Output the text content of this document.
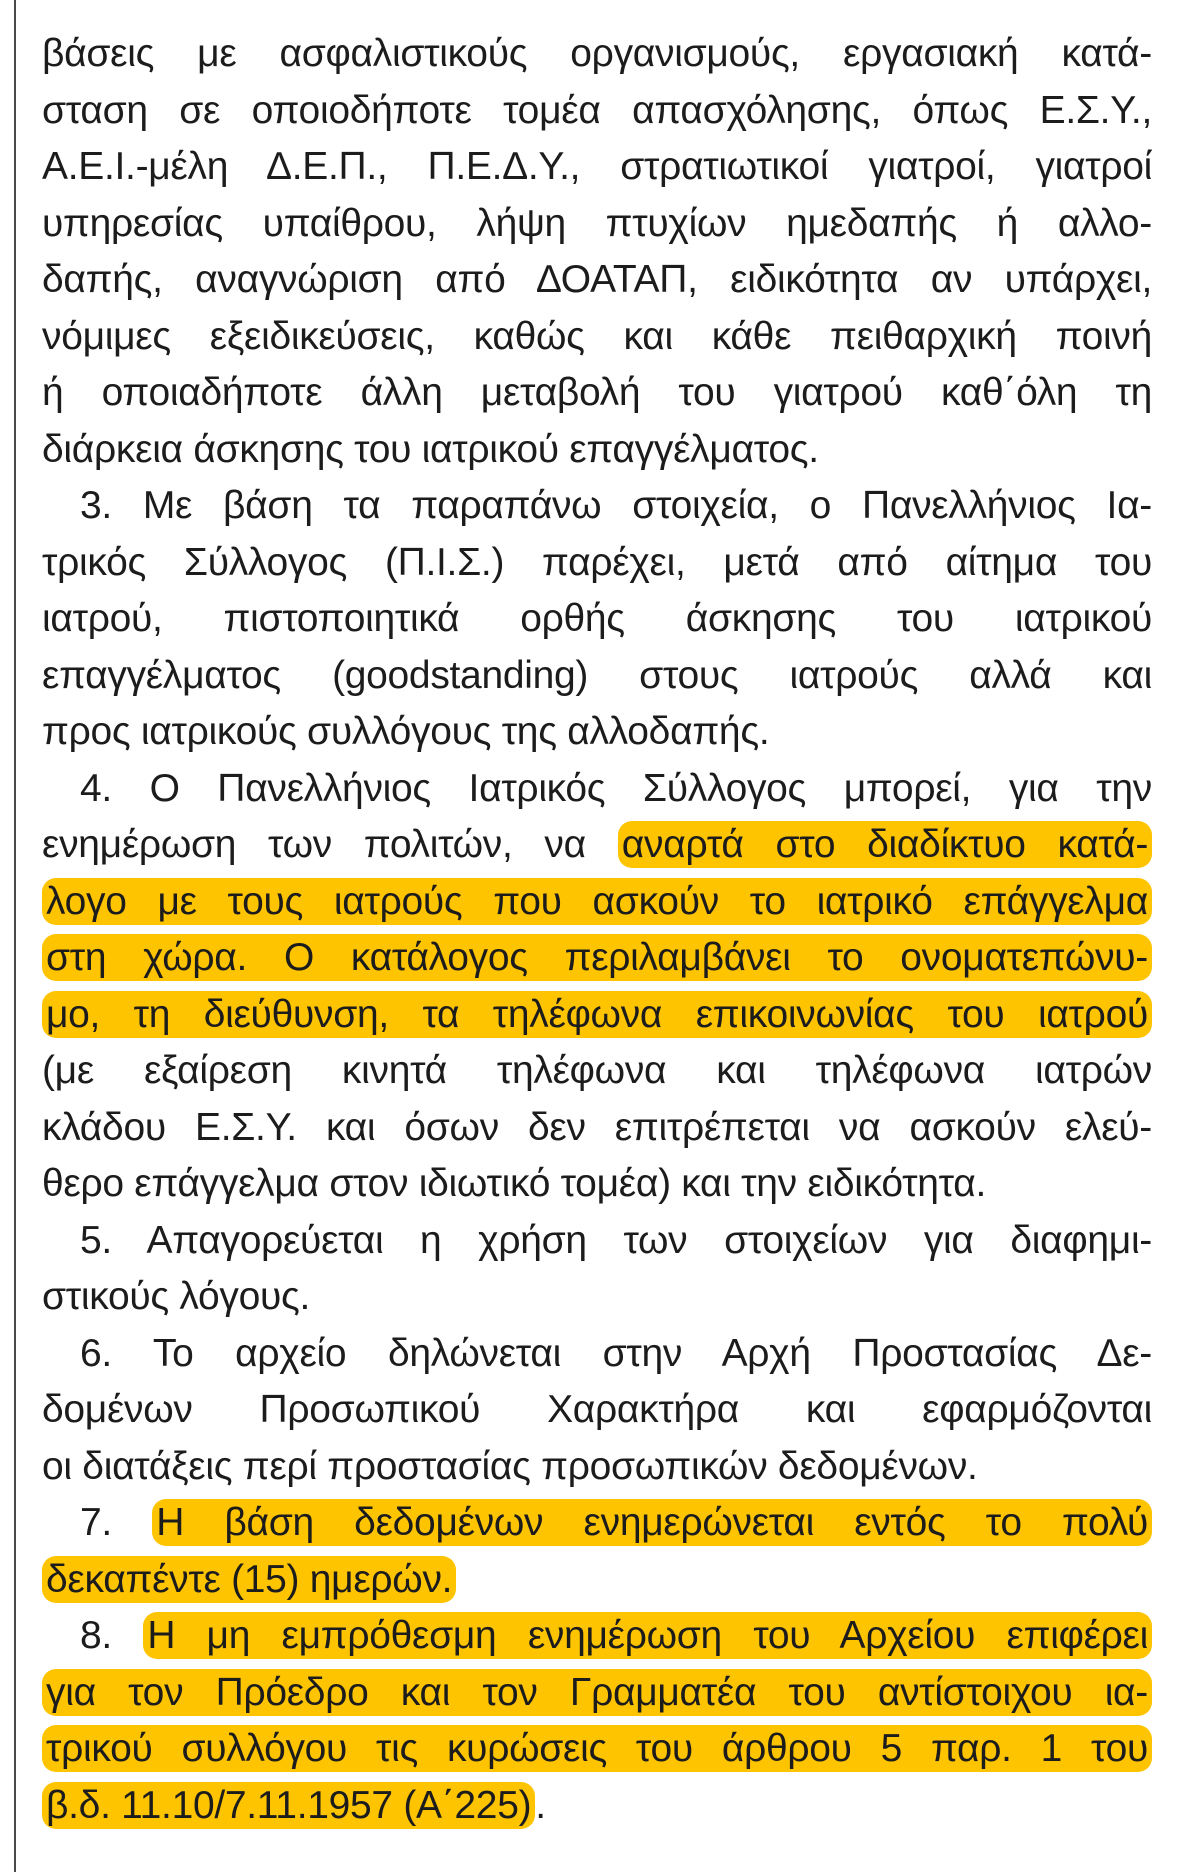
βάσεις με ασφαλιστικούς οργανισμούς, εργασιακή κατά-
σταση σε οποιοδήποτε τομέα απασχόλησης, όπως Ε.Σ.Υ.,
Α.Ε.Ι.-μέλη Δ.Ε.Π., Π.Ε.Δ.Υ., στρατιωτικοί γιατροί, γιατροί
υπηρεσίας υπαίθρου, λήψη πτυχίων ημεδαπής ή αλλο-
δαπής, αναγνώριση από ΔΟΑΤΑΠ, ειδικότητα αν υπάρχει,
νόμιμες εξειδικεύσεις, καθώς και κάθε πειθαρχική ποινή
ή οποιαδήποτε άλλη μεταβολή του γιατρού καθ΄όλη τη
διάρκεια άσκησης του ιατρικού επαγγέλματος.
3. Με βάση τα παραπάνω στοιχεία, ο Πανελλήνιος Ια-
τρικός Σύλλογος (Π.Ι.Σ.) παρέχει, μετά από αίτημα του
ιατρού, πιστοποιητικά ορθής άσκησης του ιατρικού
επαγγέλματος (goodstanding) στους ιατρούς αλλά και
προς ιατρικούς συλλόγους της αλλοδαπής.
4. Ο Πανελλήνιος Ιατρικός Σύλλογος μπορεί, για την
ενημέρωση των πολιτών, να αναρτά στο διαδίκτυο κατά-
λογο με τους ιατρούς που ασκούν το ιατρικό επάγγελμα
στη χώρα. Ο κατάλογος περιλαμβάνει το ονοματεπώνυ-
μο, τη διεύθυνση, τα τηλέφωνα επικοινωνίας του ιατρού
(με εξαίρεση κινητά τηλέφωνα και τηλέφωνα ιατρών
κλάδου Ε.Σ.Υ. και όσων δεν επιτρέπεται να ασκούν ελεύ-
θερο επάγγελμα στον ιδιωτικό τομέα) και την ειδικότητα.
5. Απαγορεύεται η χρήση των στοιχείων για διαφημι-
στικούς λόγους.
6. Το αρχείο δηλώνεται στην Αρχή Προστασίας Δε-
δομένων Προσωπικού Χαρακτήρα και εφαρμόζονται
οι διατάξεις περί προστασίας προσωπικών δεδομένων.
7. Η βάση δεδομένων ενημερώνεται εντός το πολύ
δεκαπέντε (15) ημερών.
8. Η μη εμπρόθεσμη ενημέρωση του Αρχείου επιφέρει
για τον Πρόεδρο και τον Γραμματέα του αντίστοιχου ια-
τρικού συλλόγου τις κυρώσεις του άρθρου 5 παρ. 1 του
β.δ. 11.10/7.11.1957 (Α΄225) .
